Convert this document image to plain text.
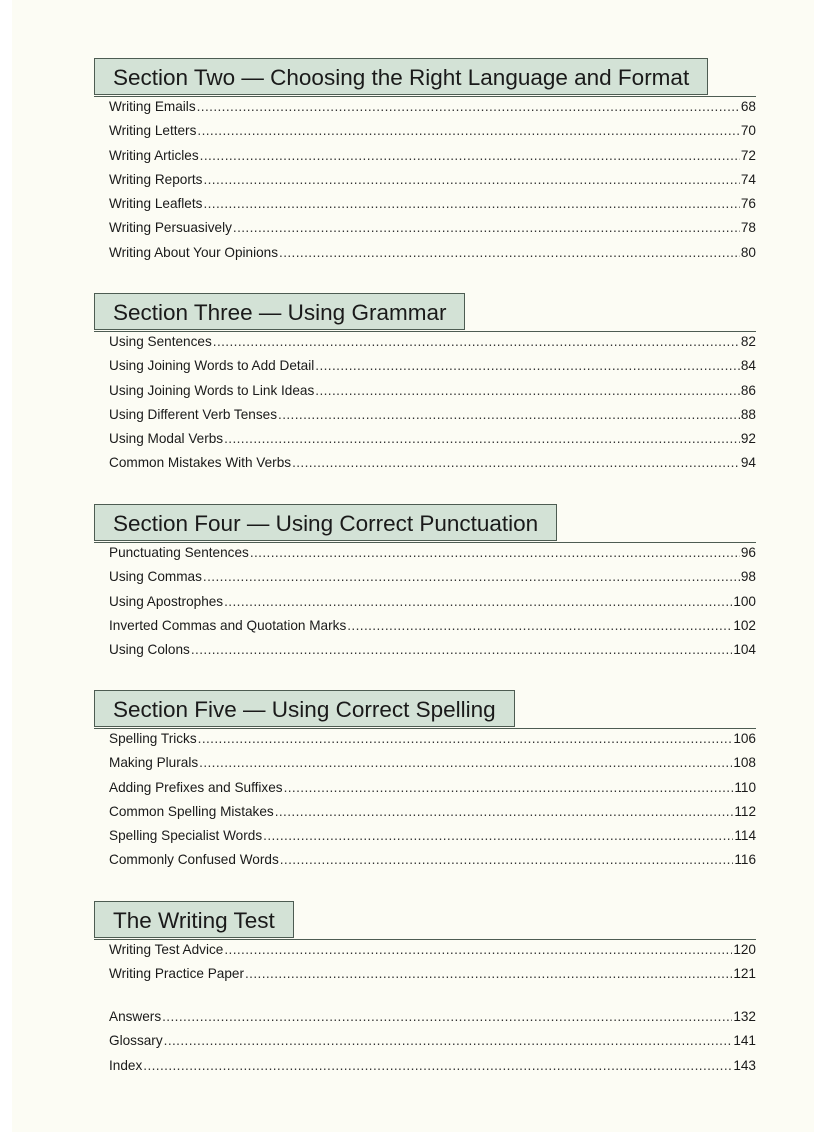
Section Two — Choosing the Right Language and Format
Writing Emails .....	68
Writing Letters .....	70
Writing Articles .....	72
Writing Reports .....	74
Writing Leaflets .....	76
Writing Persuasively .....	78
Writing About Your Opinions .....	80
Section Three — Using Grammar
Using Sentences .....	82
Using Joining Words to Add Detail .....	84
Using Joining Words to Link Ideas .....	86
Using Different Verb Tenses .....	88
Using Modal Verbs .....	92
Common Mistakes With Verbs .....	94
Section Four — Using Correct Punctuation
Punctuating Sentences .....	96
Using Commas .....	98
Using Apostrophes .....	100
Inverted Commas and Quotation Marks .....	102
Using Colons .....	104
Section Five — Using Correct Spelling
Spelling Tricks .....	106
Making Plurals .....	108
Adding Prefixes and Suffixes .....	110
Common Spelling Mistakes .....	112
Spelling Specialist Words .....	114
Commonly Confused Words .....	116
The Writing Test
Writing Test Advice .....	120
Writing Practice Paper .....	121
Answers .....	132
Glossary .....	141
Index .....	143
